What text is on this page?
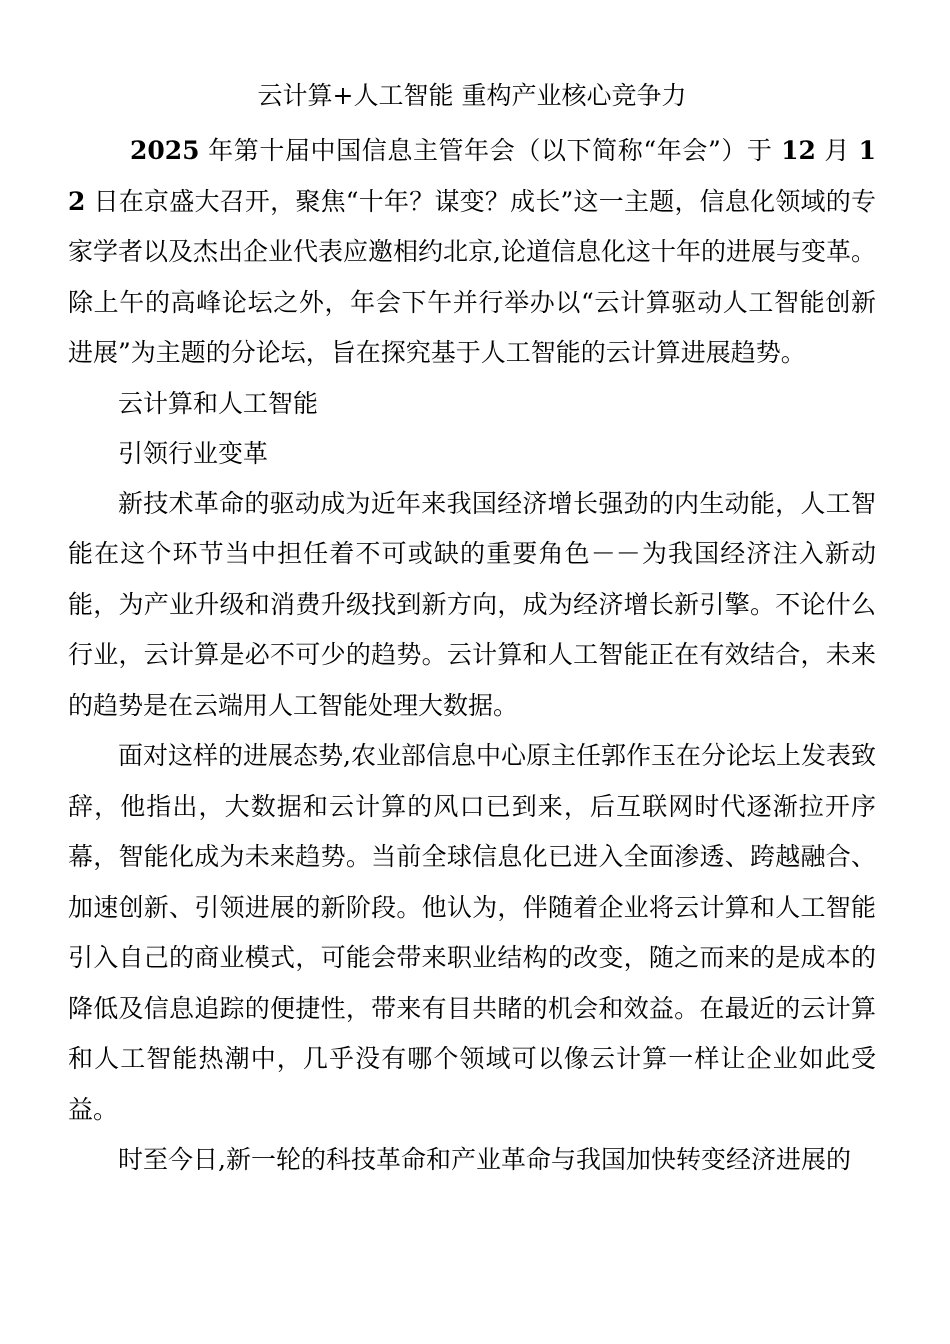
云计算+人工智能 重构产业核心竞争力

2025 年第十届中国信息主管年会（以下简称“年会”）于 12 月 12 日在京盛大召开，聚焦“十年？谋变？成长”这一主题，信息化领域的专家学者以及杰出企业代表应邀相约北京,论道信息化这十年的进展与变革。除上午的高峰论坛之外，年会下午并行举办以“云计算驱动人工智能创新进展”为主题的分论坛，旨在探究基于人工智能的云计算进展趋势。

云计算和人工智能

引领行业变革

新技术革命的驱动成为近年来我国经济增长强劲的内生动能，人工智能在这个环节当中担任着不可或缺的重要角色－－为我国经济注入新动能，为产业升级和消费升级找到新方向，成为经济增长新引擎。不论什么行业，云计算是必不可少的趋势。云计算和人工智能正在有效结合，未来的趋势是在云端用人工智能处理大数据。

面对这样的进展态势,农业部信息中心原主任郭作玉在分论坛上发表致辞，他指出，大数据和云计算的风口已到来，后互联网时代逐渐拉开序幕，智能化成为未来趋势。当前全球信息化已进入全面渗透、跨越融合、加速创新、引领进展的新阶段。他认为，伴随着企业将云计算和人工智能引入自己的商业模式，可能会带来职业结构的改变，随之而来的是成本的降低及信息追踪的便捷性，带来有目共睹的机会和效益。在最近的云计算和人工智能热潮中，几乎没有哪个领域可以像云计算一样让企业如此受益。

时至今日,新一轮的科技革命和产业革命与我国加快转变经济进展的
